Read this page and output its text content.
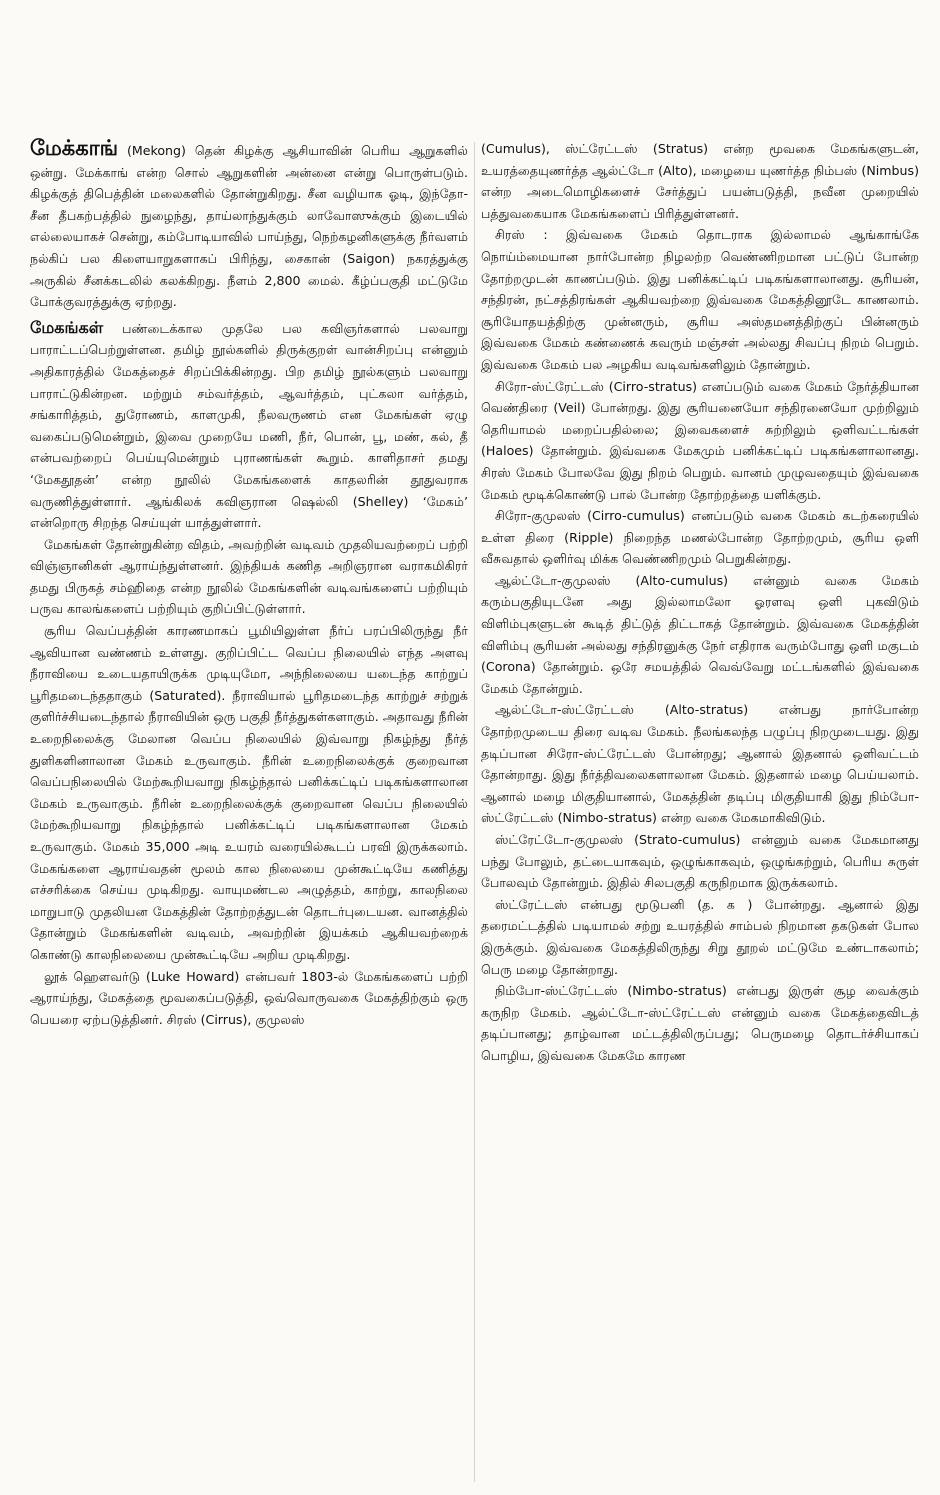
மேக்காங் (Mekong) தென் கிழக்கு ஆசியாவின் பெரிய ஆறுகளில் ஒன்று. மேக்காங் என்ற சொல் ஆறுகளின் அன்னை என்று பொருள்படும். கிழக்குத் திபெத்தின் மலைகளில் தோன்றுகிறது. சீன வழியாக ஓடி, இந்தோ-சீன தீபகற்பத்தில் நுழைந்து, தாய்லாந்துக்கும் லாவோஸுக்கும் இடையில் எல்லையாகச் சென்று, கம்போடியாவில் பாய்ந்து, நெற்கழனிகளுக்கு நீர்வளம் நல்கிப் பல கிளையாறுகளாகப் பிரிந்து, சைகான் (Saigon) நகரத்துக்கு அருகில் சீனக்கடலில் கலக்கிறது. நீளம் 2,800 மைல். கீழ்ப்பகுதி மட்டுமே போக்குவரத்துக்கு ஏற்றது.

மேகங்கள் பண்டைக்கால முதலே பல கவிஞர்களால் பலவாறு பாராட்டப்பெற்றுள்ளன. தமிழ் நூல்களில் திருக்குறள் வான்சிறப்பு என்னும் அதிகாரத்தில் மேகத்தைச் சிறப்பிக்கின்றது. பிற தமிழ் நூல்களும் பலவாறு பாராட்டுகின்றன. மற்றும் சம்வர்த்தம், ஆவர்த்தம், புட்கலா வர்த்தம், சங்காரித்தம், துரோணம், காளமுகி, நீலவருணம் என மேகங்கள் ஏழு வகைப்படுமென்றும், இவை முறையே மணி, நீர், பொன், பூ, மண், கல், தீ என்பவற்றைப் பெய்யுமென்றும் புராணங்கள் கூறும். காளிதாசர் தமது ‘மேகதூதன்’ என்ற நூலில் மேகங்களைக் காதலரின் தூதுவராக வருணித்துள்ளார். ஆங்கிலக் கவிஞரான ஷெல்லி (Shelley) ‘மேகம்’ என்றொரு சிறந்த செய்யுள் யாத்துள்ளார்.

மேகங்கள் தோன்றுகின்ற விதம், அவற்றின் வடிவம் முதலியவற்றைப் பற்றி விஞ்ஞானிகள் ஆராய்ந்துள்ளனர். இந்தியக் கணித அறிஞரான வராகமிகிரர் தமது பிருகத் சம்ஹிதை என்ற நூலில் மேகங்களின் வடிவங்களைப் பற்றியும் பருவ காலங்களைப் பற்றியும் குறிப்பிட்டுள்ளார்.

சூரிய வெப்பத்தின் காரணமாகப் பூமியிலுள்ள நீர்ப் பரப்பிலிருந்து நீர் ஆவியான வண்ணம் உள்ளது. குறிப்பிட்ட வெப்ப நிலையில் எந்த அளவு நீராவியை உடையதாயிருக்க முடியுமோ, அந்நிலையை யடைந்த காற்றுப் பூரிதமடைந்ததாகும் (Saturated). நீராவியால் பூரிதமடைந்த காற்றுச் சற்றுக் குளிர்ச்சியடைந்தால் நீராவியின் ஒரு பகுதி நீர்த்துகள்களாகும். அதாவது நீரின் உறைநிலைக்கு மேலான வெப்ப நிலையில் இவ்வாறு நிகழ்ந்து நீர்த் துளிகளினாலான மேகம் உருவாகும். நீரின் உறைநிலைக்குக் குறைவான வெப்பநிலையில் மேற்கூறியவாறு நிகழ்ந்தால் பனிக்கட்டிப் படிகங்களாலான மேகம் உருவாகும். நீரின் உறைநிலைக்குக் குறைவான வெப்ப நிலையில் மேற்கூறியவாறு நிகழ்ந்தால் பனிக்கட்டிப் படிகங்களாலான மேகம் உருவாகும். மேகம் 35,000 அடி உயரம் வரையில்கூடப் பரவி இருக்கலாம். மேகங்களை ஆராய்வதன் மூலம் கால நிலையை முன்கூட்டியே கணித்து எச்சரிக்கை செய்ய முடிகிறது. வாயுமண்டல அழுத்தம், காற்று, காலநிலை மாறுபாடு முதலியன மேகத்தின் தோற்றத்துடன் தொடர்புடையன. வானத்தில் தோன்றும் மேகங்களின் வடிவம், அவற்றின் இயக்கம் ஆகியவற்றைக் கொண்டு காலநிலையை முன்கூட்டியே அறிய முடிகிறது.

லூக் ஹௌவர்டு (Luke Howard) என்பவர் 1803-ல் மேகங்களைப் பற்றி ஆராய்ந்து, மேகத்தை மூவகைப்படுத்தி, ஒவ்வொருவகை மேகத்திற்கும் ஒரு பெயரை ஏற்படுத்தினர். சிரஸ் (Cirrus), குமுலஸ்

(Cumulus), ஸ்ட்ரேட்டஸ் (Stratus) என்ற மூவகை மேகங்களுடன், உயரத்தையுணர்த்த ஆல்ட்டோ (Alto), மழையை யுணர்த்த நிம்பஸ் (Nimbus) என்ற அடைமொழிகளைச் சேர்த்துப் பயன்படுத்தி, நவீன முறையில் பத்துவகையாக மேகங்களைப் பிரித்துள்ளனர்.

சிரஸ் : இவ்வகை மேகம் தொடராக இல்லாமல் ஆங்காங்கே நொய்ம்மையான நார்போன்ற நிழலற்ற வெண்ணிறமான பட்டுப் போன்ற தோற்றமுடன் காணப்படும். இது பனிக்கட்டிப் படிகங்களாலானது. சூரியன், சந்திரன், நட்சத்திரங்கள் ஆகியவற்றை இவ்வகை மேகத்தினூடே காணலாம். சூரியோதயத்திற்கு முன்னரும், சூரிய அஸ்தமனத்திற்குப் பின்னரும் இவ்வகை மேகம் கண்ணைக் கவரும் மஞ்சள் அல்லது சிவப்பு நிறம் பெறும். இவ்வகை மேகம் பல அழகிய வடிவங்களிலும் தோன்றும்.

சிரோ-ஸ்ட்ரேட்டஸ் (Cirro-stratus) எனப்படும் வகை மேகம் நேர்த்தியான வெண்திரை (Veil) போன்றது. இது சூரியனையோ சந்திரனையோ முற்றிலும் தெரியாமல் மறைப்பதில்லை; இவைகளைச் சுற்றிலும் ஒளிவட்டங்கள் (Haloes) தோன்றும். இவ்வகை மேகமும் பனிக்கட்டிப் படிகங்களாலானது. சிரஸ் மேகம் போலவே இது நிறம் பெறும். வானம் முழுவதையும் இவ்வகை மேகம் மூடிக்கொண்டு பால் போன்ற தோற்றத்தை யளிக்கும்.

சிரோ-குமுலஸ் (Cirro-cumulus) எனப்படும் வகை மேகம் கடற்கரையில் உள்ள திரை (Ripple) நிறைந்த மணல்போன்ற தோற்றமும், சூரிய ஒளி வீசுவதால் ஒளிர்வு மிக்க வெண்ணிறமும் பெறுகின்றது.

ஆல்ட்டோ-குமுலஸ் (Alto-cumulus) என்னும் வகை மேகம் கரும்பகுதியுடனே அது இல்லாமலோ ஓரளவு ஒளி புகவிடும் விளிம்புகளுடன் கூடித் திட்டுத் திட்டாகத் தோன்றும். இவ்வகை மேகத்தின் விளிம்பு சூரியன் அல்லது சந்திரனுக்கு நேர் எதிராக வரும்போது ஒளி மகுடம் (Corona) தோன்றும். ஒரே சமயத்தில் வெவ்வேறு மட்டங்களில் இவ்வகை மேகம் தோன்றும்.

ஆல்ட்டோ-ஸ்ட்ரேட்டஸ் (Alto-stratus) என்பது நார்போன்ற தோற்றமுடைய திரை வடிவ மேகம். நீலங்கலந்த பழுப்பு நிறமுடையது. இது தடிப்பான சிரோ-ஸ்ட்ரேட்டஸ் போன்றது; ஆனால் இதனால் ஒளிவட்டம் தோன்றாது. இது நீர்த்திவலைகளாலான மேகம். இதனால் மழை பெய்யலாம். ஆனால் மழை மிகுதியானால், மேகத்தின் தடிப்பு மிகுதியாகி இது நிம்போ-ஸ்ட்ரேட்டஸ் (Nimbo-stratus) என்ற வகை மேகமாகிவிடும்.

ஸ்ட்ரேட்டோ-குமுலஸ் (Strato-cumulus) என்னும் வகை மேகமானது பந்து போலும், தட்டையாகவும், ஒழுங்காகவும், ஒழுங்கற்றும், பெரிய சுருள் போலவும் தோன்றும். இதில் சிலபகுதி கருநிறமாக இருக்கலாம்.

ஸ்ட்ரேட்டஸ் என்பது மூடுபனி (த. க ) போன்றது. ஆனால் இது தரைமட்டத்தில் படியாமல் சற்று உயரத்தில் சாம்பல் நிறமான தகடுகள் போல இருக்கும். இவ்வகை மேகத்திலிருந்து சிறு தூறல் மட்டுமே உண்டாகலாம்; பெரு மழை தோன்றாது.

நிம்போ-ஸ்ட்ரேட்டஸ் (Nimbo-stratus) என்பது இருள் சூழ வைக்கும் கருநிற மேகம். ஆல்ட்டோ-ஸ்ட்ரேட்டஸ் என்னும் வகை மேகத்தைவிடத் தடிப்பானது; தாழ்வான மட்டத்திலிருப்பது; பெருமழை தொடர்ச்சியாகப் பொழிய, இவ்வகை மேகமே காரண
